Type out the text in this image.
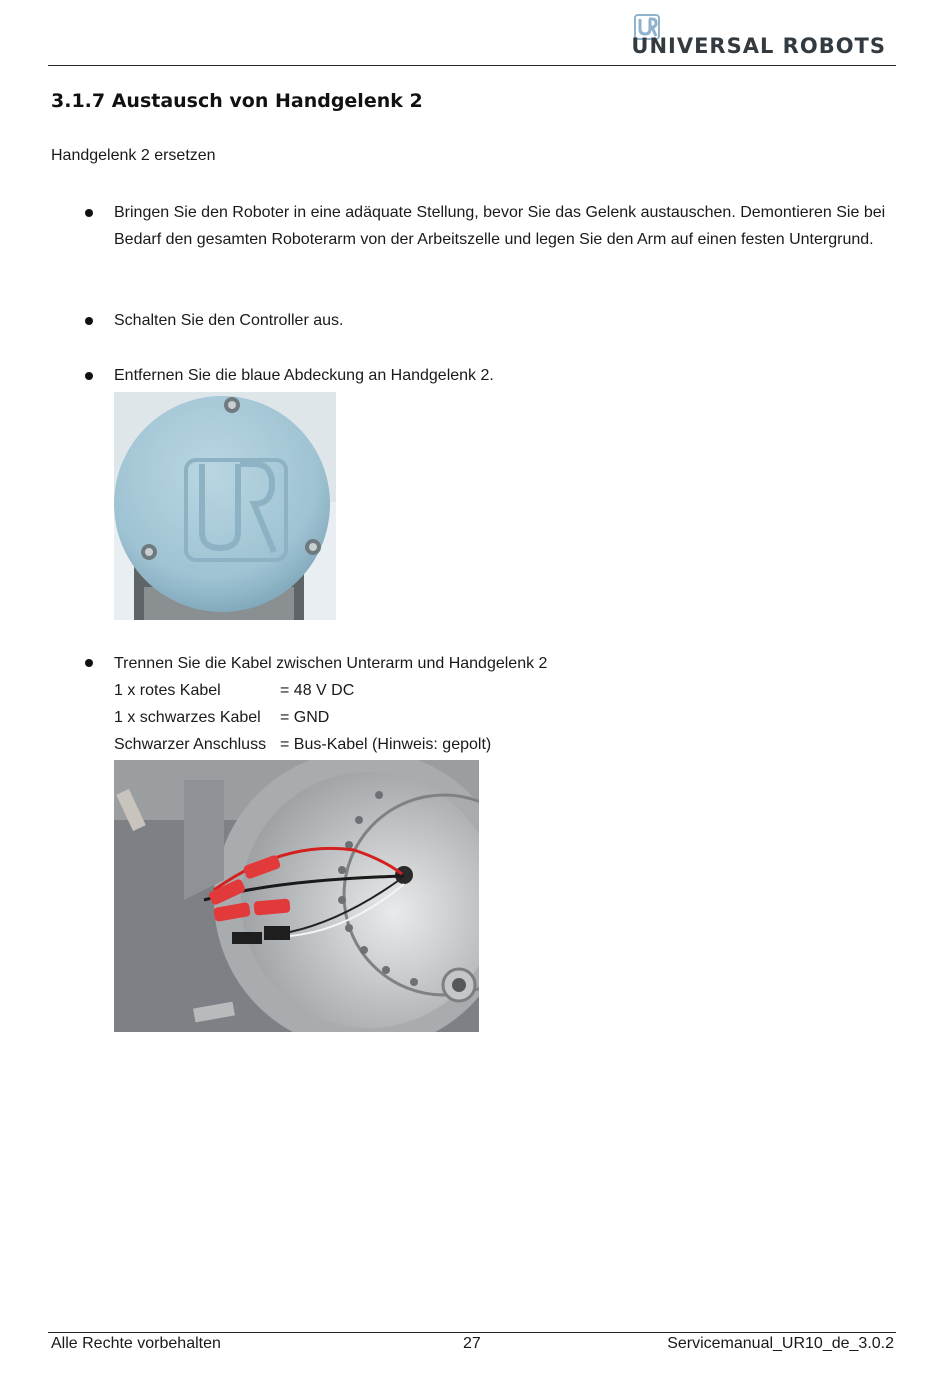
UNIVERSAL ROBOTS
3.1.7 Austausch von Handgelenk 2
Handgelenk 2 ersetzen
Bringen Sie den Roboter in eine adäquate Stellung, bevor Sie das Gelenk austauschen. Demontieren Sie bei Bedarf den gesamten Roboterarm von der Arbeitszelle und legen Sie den Arm auf einen festen Untergrund.
Schalten Sie den Controller aus.
Entfernen Sie die blaue Abdeckung an Handgelenk 2.
Trennen Sie die Kabel zwischen Unterarm und Handgelenk 2
1 x rotes Kabel	= 48 V DC
1 x schwarzes Kabel = GND
Schwarzer Anschluss = Bus-Kabel (Hinweis: gepolt)
Alle Rechte vorbehalten	27	Servicemanual_UR10_de_3.0.2
